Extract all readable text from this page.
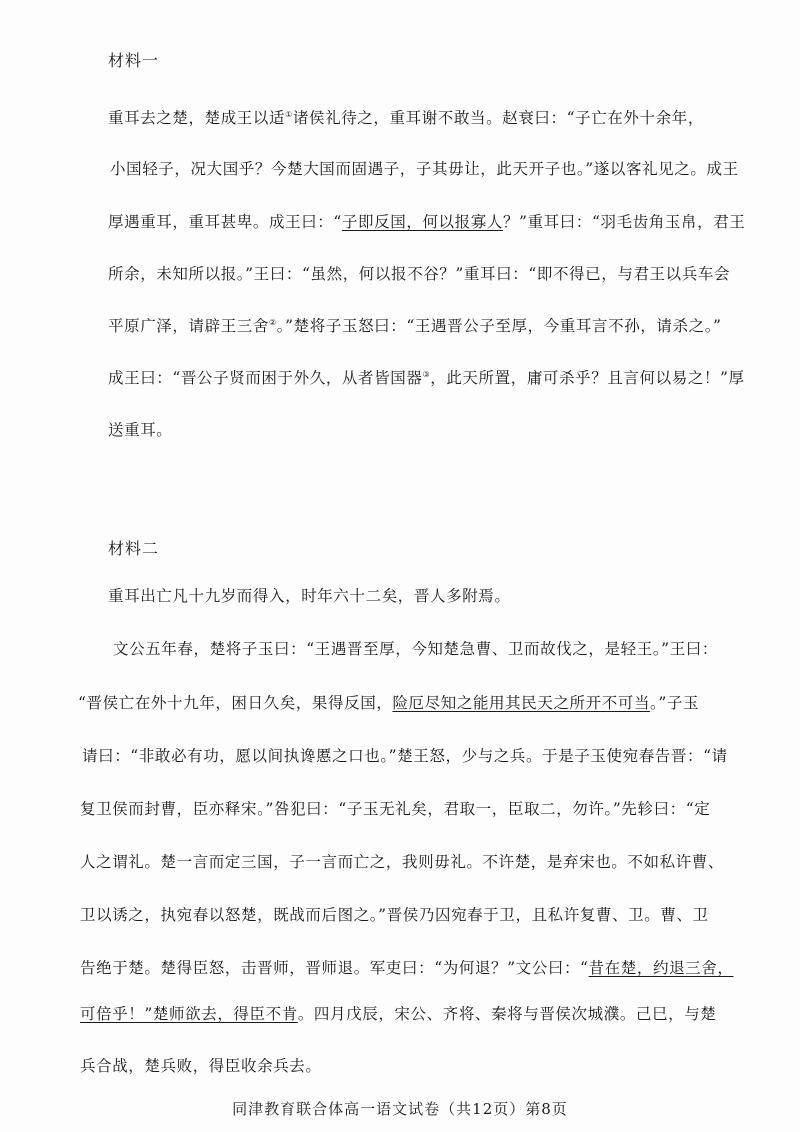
材料一
重耳去之楚，楚成王以适①诸侯礼待之，重耳谢不敢当。赵衰曰：“子亡在外十余年，
小国轻子，况大国乎？今楚大国而固遇子，子其毋让，此天开子也。”遂以客礼见之。成王
厚遇重耳，重耳甚卑。成王曰：“子即反国，何以报寡人？”重耳曰：“羽毛齿角玉帛，君王
所余，未知所以报。”王曰：“虽然，何以报不谷？”重耳曰：“即不得已，与君王以兵车会
平原广泽，请辟王三舍②。”楚将子玉怒曰：“王遇晋公子至厚，今重耳言不孙，请杀之。”
成王曰：“晋公子贤而困于外久，从者皆国器③，此天所置，庸可杀乎？且言何以易之！”厚
送重耳。
材料二
重耳出亡凡十九岁而得入，时年六十二矣，晋人多附焉。
文公五年春，楚将子玉曰：“王遇晋至厚，今知楚急曹、卫而故伐之，是轻王。”王曰：
“晋侯亡在外十九年，困日久矣，果得反国，险厄尽知之能用其民天之所开不可当。”子玉
请曰：“非敢必有功，愿以间执谗慝之口也。”楚王怒，少与之兵。于是子玉使宛春告晋：“请
复卫侯而封曹，臣亦释宋。”咎犯曰：“子玉无礼矣，君取一，臣取二，勿许。”先轸曰：“定
人之谓礼。楚一言而定三国，子一言而亡之，我则毋礼。不许楚，是弃宋也。不如私许曹、
卫以诱之，执宛春以怒楚，既战而后图之。”晋侯乃囚宛春于卫，且私许复曹、卫。曹、卫
告绝于楚。楚得臣怒，击晋师，晋师退。军吏曰：“为何退？”文公曰：“昔在楚，约退三舍，
可倍乎！”楚师欲去，得臣不肯。四月戊辰，宋公、齐将、秦将与晋侯次城濮。己巳，与楚
兵合战，楚兵败，得臣收余兵去。
同津教育联合体高一语文试卷（共12页）第8页
